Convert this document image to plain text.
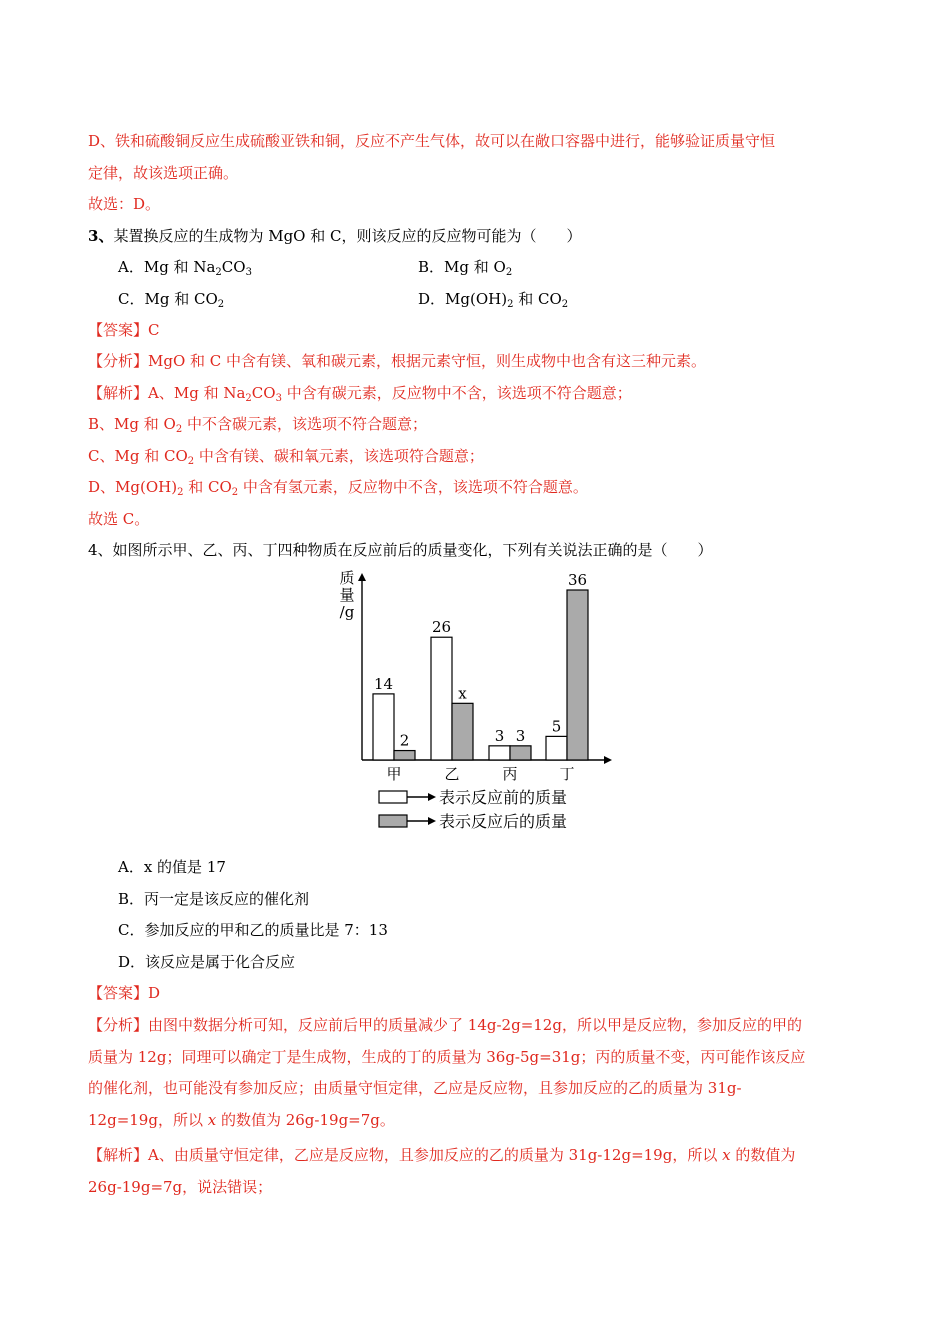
D、铁和硫酸铜反应生成硫酸亚铁和铜，反应不产生气体，故可以在敞口容器中进行，能够验证质量守恒
定律，故该选项正确。
故选：D。
3、某置换反应的生成物为 MgO 和 C，则该反应的反应物可能为（　　）
A．Mg 和 $Na_2CO_3$	B．Mg 和 $O_2$
C．Mg 和 $CO_2$	D．$Mg(OH)_2$ 和 $CO_2$
【答案】C
【分析】MgO 和 C 中含有镁、氧和碳元素，根据元素守恒，则生成物中也含有这三种元素。
【解析】A、Mg 和 $Na_2CO_3$ 中含有碳元素，反应物中不含，该选项不符合题意；
B、Mg 和 $O_2$ 中不含碳元素，该选项不符合题意；
C、Mg 和 $CO_2$ 中含有镁、碳和氧元素，该选项符合题意；
D、$Mg(OH)_2$ 和 $CO_2$ 中含有氢元素，反应物中不含，该选项不符合题意。
故选 C。
4、如图所示甲、乙、丙、丁四种物质在反应前后的质量变化，下列有关说法正确的是（　　）
质
量
/g
14
2
甲
26
x
乙
3 3
丙
5
36
丁
表示反应前的质量
表示反应后的质量
A．x 的值是 17
B．丙一定是该反应的催化剂
C．参加反应的甲和乙的质量比是 7：13
D．该反应是属于化合反应
【答案】D
【分析】由图中数据分析可知，反应前后甲的质量减少了 14g-2g=12g，所以甲是反应物，参加反应的甲的
质量为 12g；同理可以确定丁是生成物，生成的丁的质量为 36g-5g=31g；丙的质量不变，丙可能作该反应
的催化剂，也可能没有参加反应；由质量守恒定律，乙应是反应物，且参加反应的乙的质量为 31g-
12g=19g，所以 x 的数值为 26g-19g=7g。
【解析】A、由质量守恒定律，乙应是反应物，且参加反应的乙的质量为 31g-12g=19g，所以 x 的数值为
26g-19g=7g，说法错误；
